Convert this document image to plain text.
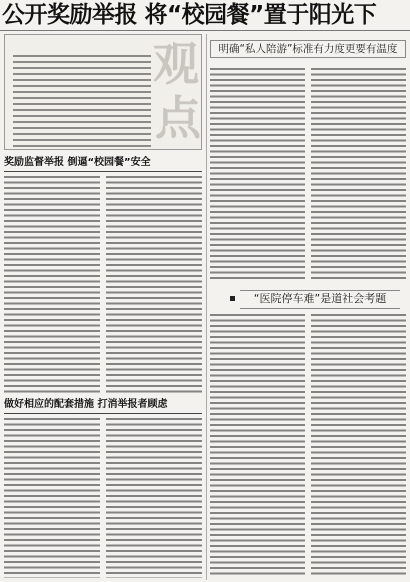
公开奖励举报 将“校园餐”置于阳光下
观
点
奖励监督举报 倒逼“校园餐”安全
做好相应的配套措施 打消举报者顾虑
明确“私人陪游”标准有力度更要有温度
“医院停车难”是道社会考题
